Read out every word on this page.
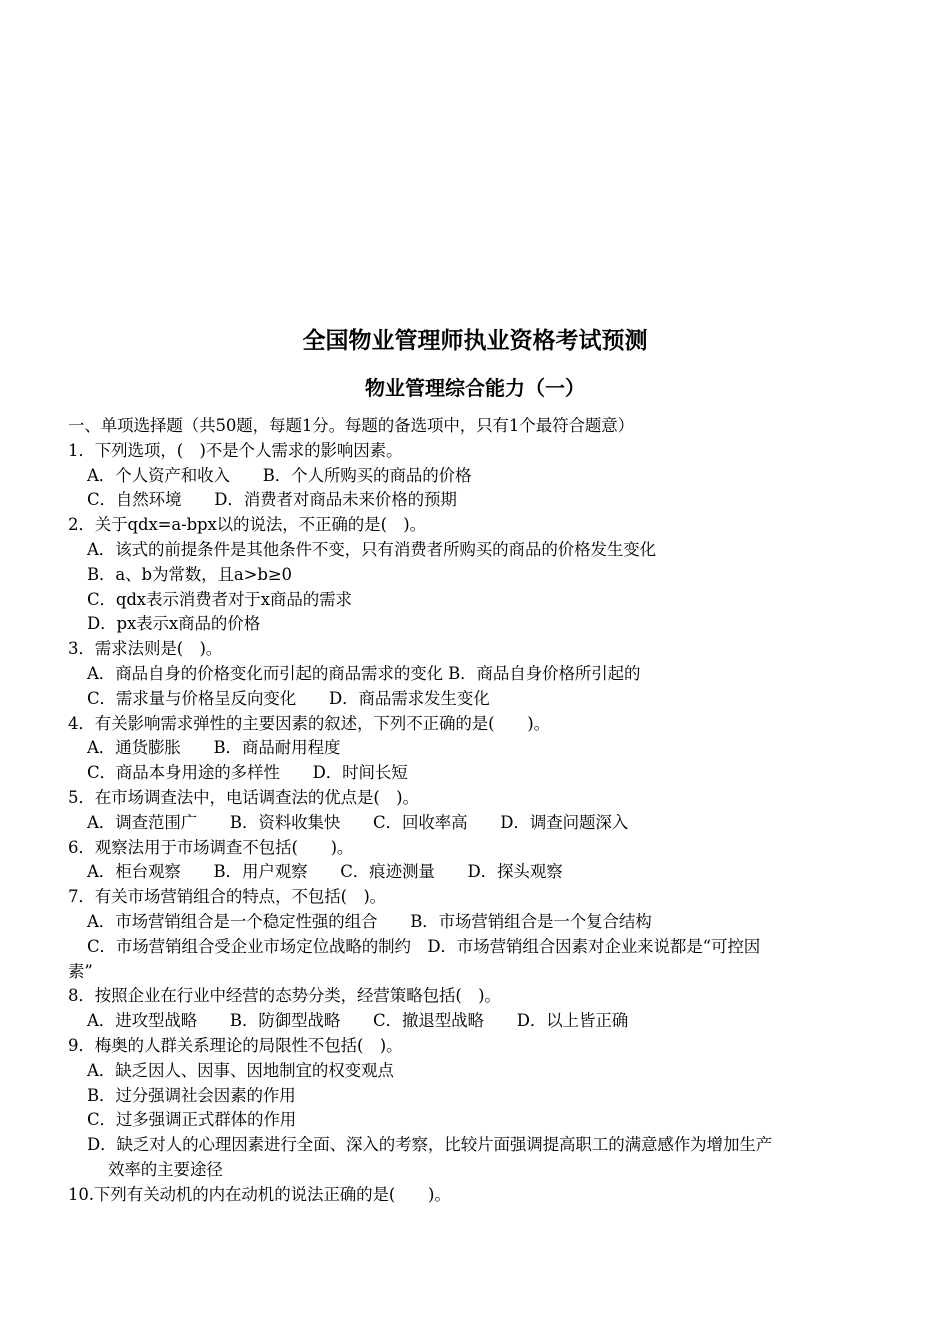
全国物业管理师执业资格考试预测
物业管理综合能力（一）
一、单项选择题（共50题，每题1分。每题的备选项中，只有1个最符合题意）
1．下列选项，(　)不是个人需求的影响因素。
A．个人资产和收入　　B．个人所购买的商品的价格
C．自然环境　　D．消费者对商品未来价格的预期
2．关于qdx=a-bpx以的说法，不正确的是(　)。
A．该式的前提条件是其他条件不变，只有消费者所购买的商品的价格发生变化
B．a、b为常数，且a>b≥0
C．qdx表示消费者对于x商品的需求
D．px表示x商品的价格
3．需求法则是(　)。
A．商品自身的价格变化而引起的商品需求的变化 B．商品自身价格所引起的
C．需求量与价格呈反向变化　　D．商品需求发生变化
4．有关影响需求弹性的主要因素的叙述，下列不正确的是(　　)。
A．通货膨胀　　B．商品耐用程度
C．商品本身用途的多样性　　D．时间长短
5．在市场调查法中，电话调查法的优点是(　)。
A．调查范围广　　B．资料收集快　　C．回收率高　　D．调查问题深入
6．观察法用于市场调查不包括(　　)。
A．柜台观察　　B．用户观察　　C．痕迹测量　　D．探头观察
7．有关市场营销组合的特点，不包括(　)。
A．市场营销组合是一个稳定性强的组合　　B．市场营销组合是一个复合结构
C．市场营销组合受企业市场定位战略的制约　D．市场营销组合因素对企业来说都是“可控因
素”
8．按照企业在行业中经营的态势分类，经营策略包括(　)。
A．进攻型战略　　B．防御型战略　　C．撤退型战略　　D．以上皆正确
9．梅奥的人群关系理论的局限性不包括(　)。
A．缺乏因人、因事、因地制宜的权变观点
B．过分强调社会因素的作用
C．过多强调正式群体的作用
D．缺乏对人的心理因素进行全面、深入的考察，比较片面强调提高职工的满意感作为增加生产
效率的主要途径
10.下列有关动机的内在动机的说法正确的是(　　)。
